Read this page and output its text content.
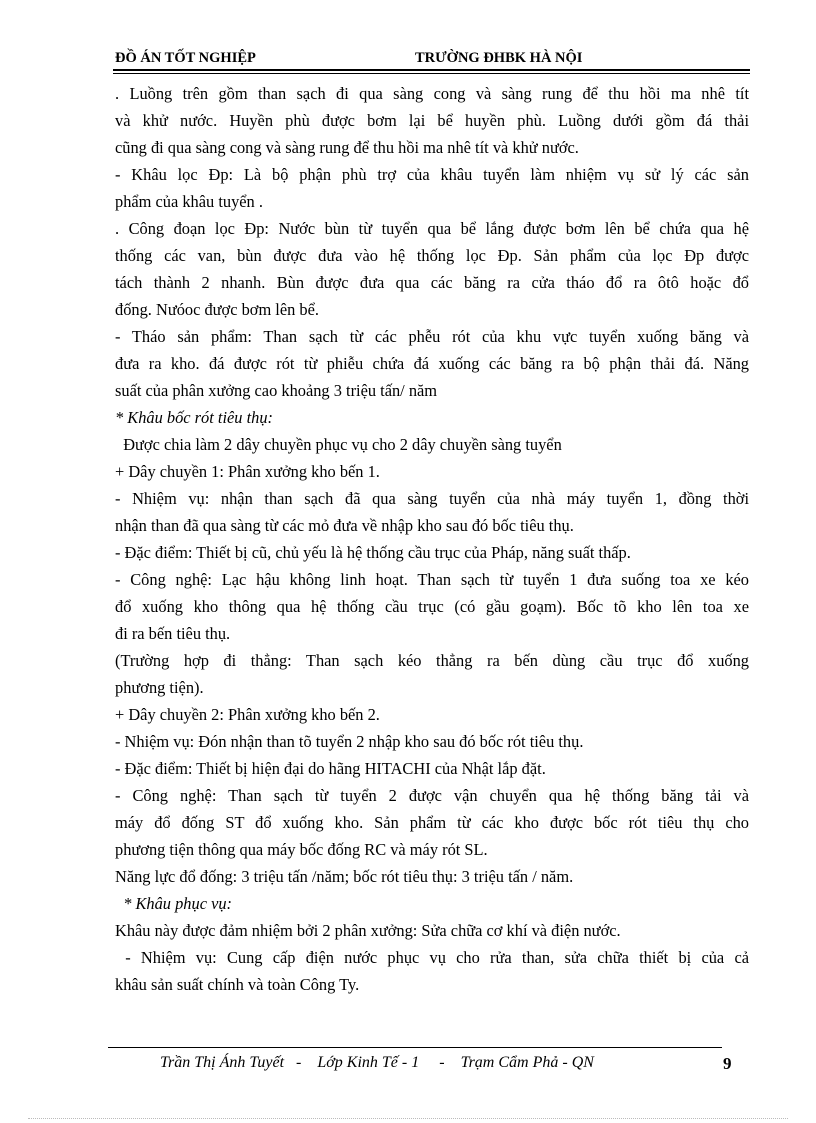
ĐỒ ÁN TỐT NGHIỆP	TRƯỜNG ĐHBK HÀ NỘI
. Luồng trên gồm than sạch đi qua sàng cong và sàng rung để thu hồi ma nhê tít
và khử nước. Huyền phù được bơm lại bể huyền phù. Luồng dưới gồm đá thải
cũng đi qua sàng cong và sàng rung để thu hồi ma nhê tít và khử nước.
- Khâu lọc Đp: Là bộ phận phù trợ của khâu tuyển làm nhiệm vụ sử lý các sản
phẩm của khâu tuyển .
. Công đoạn lọc Đp: Nước bùn từ tuyển qua bể lắng được bơm lên bể chứa qua hệ
thống các van, bùn được đưa vào hệ thống lọc Đp. Sản phẩm của lọc Đp được
tách thành 2 nhanh. Bùn được đưa qua các băng ra cửa tháo đổ ra ôtô hoặc đổ
đống. Nưóoc được bơm lên bể.
- Tháo sản phẩm: Than sạch từ các phễu rót của khu vực tuyển xuống băng và
đưa ra kho. đá được rót từ phiễu chứa đá xuống các băng ra bộ phận thải đá. Năng
suất của phân xưởng cao khoảng 3 triệu tấn/ năm
* Khâu bốc rót tiêu thụ:
Được chia làm 2 dây chuyền phục vụ cho 2 dây chuyền sàng tuyển
+ Dây chuyền 1: Phân xưởng kho bến 1.
- Nhiệm vụ: nhận than sạch đã qua sàng tuyển của nhà máy tuyển 1, đồng thời
nhận than đã qua sàng từ các mỏ đưa về nhập kho sau đó bốc tiêu thụ.
- Đặc điểm: Thiết bị cũ, chủ yếu là hệ thống cầu trục của Pháp, năng suất thấp.
- Công nghệ: Lạc hậu không linh hoạt. Than sạch từ tuyển 1 đưa suống toa xe kéo
đổ xuống kho thông qua hệ thống cầu trục (có gầu goạm). Bốc tõ kho lên toa xe
đi ra bến tiêu thụ.
(Trường hợp đi thẳng: Than sạch kéo thẳng ra bến dùng cầu trục đổ xuống
phương tiện).
+ Dây chuyền 2: Phân xưởng kho bến 2.
- Nhiệm vụ: Đón nhận than tõ tuyển 2 nhập kho sau đó bốc rót tiêu thụ.
- Đặc điểm: Thiết bị hiện đại do hãng HITACHI của Nhật lắp đặt.
- Công nghệ: Than sạch từ tuyển 2 được vận chuyển qua hệ thống băng tải và
máy đổ đống ST đổ xuống kho. Sản phẩm từ các kho được bốc rót tiêu thụ cho
phương tiện thông qua máy bốc đống RC và máy rót SL.
Năng lực đổ đống: 3 triệu tấn /năm; bốc rót tiêu thụ: 3 triệu tấn / năm.
* Khâu phục vụ:
Khâu này được đảm nhiệm bởi 2 phân xưởng: Sửa chữa cơ khí và điện nước.
- Nhiệm vụ: Cung cấp điện nước phục vụ cho rửa than, sửa chữa thiết bị của cả
khâu sản suất chính và toàn Công Ty.
Trần Thị Ánh Tuyết   -    Lớp Kinh Tế - 1     -    Trạm Cẩm Phả - QN	9
